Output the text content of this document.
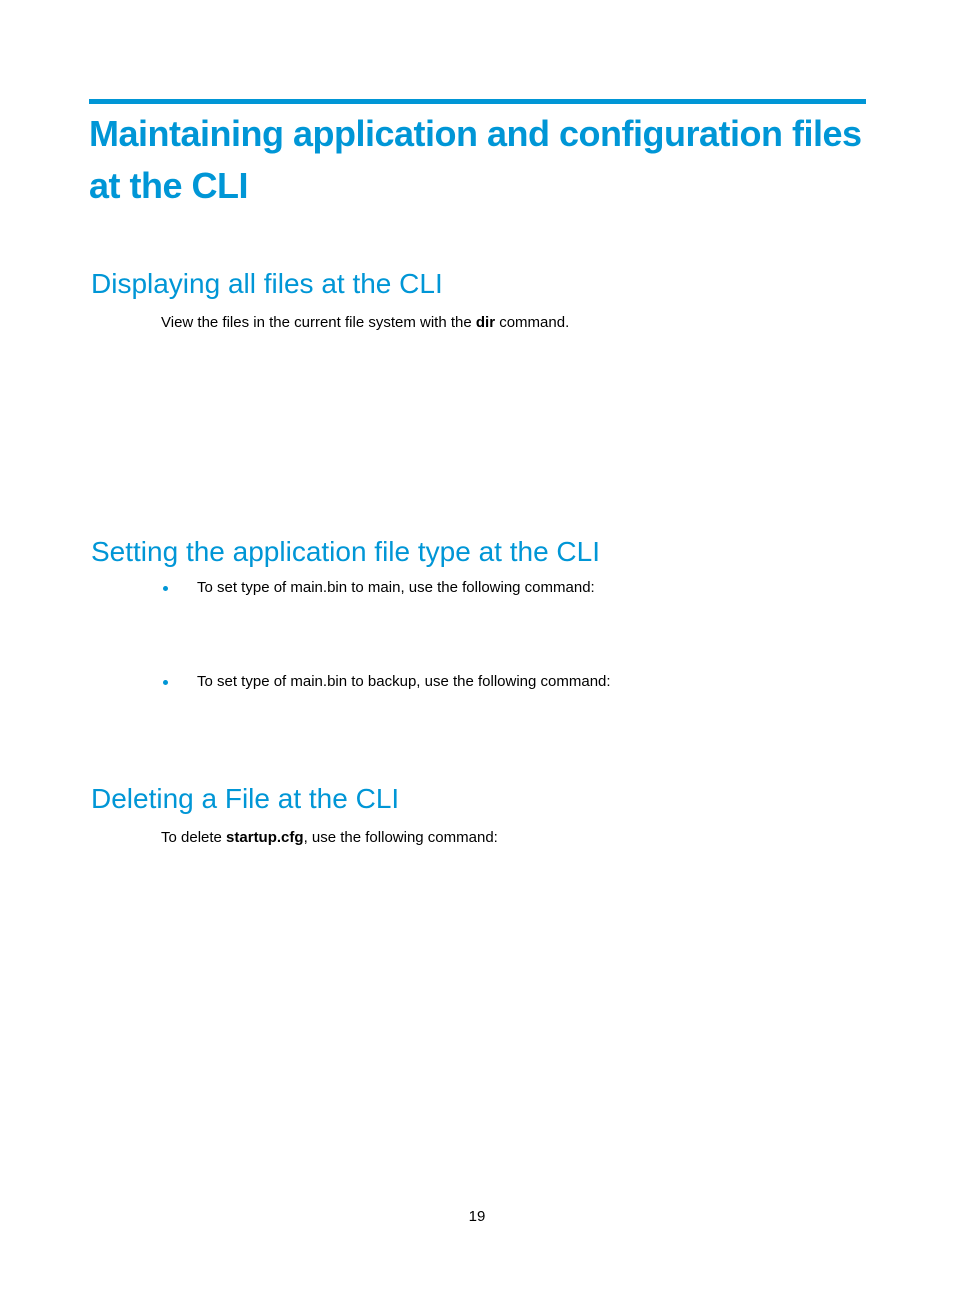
Maintaining application and configuration files at the CLI
Displaying all files at the CLI

View the files in the current file system with the dir command.

Setting the application file type at the CLI
To set type of main.bin to main, use the following command:
To set type of main.bin to backup, use the following command:
Deleting a File at the CLI

To delete startup.cfg, use the following command:

19
